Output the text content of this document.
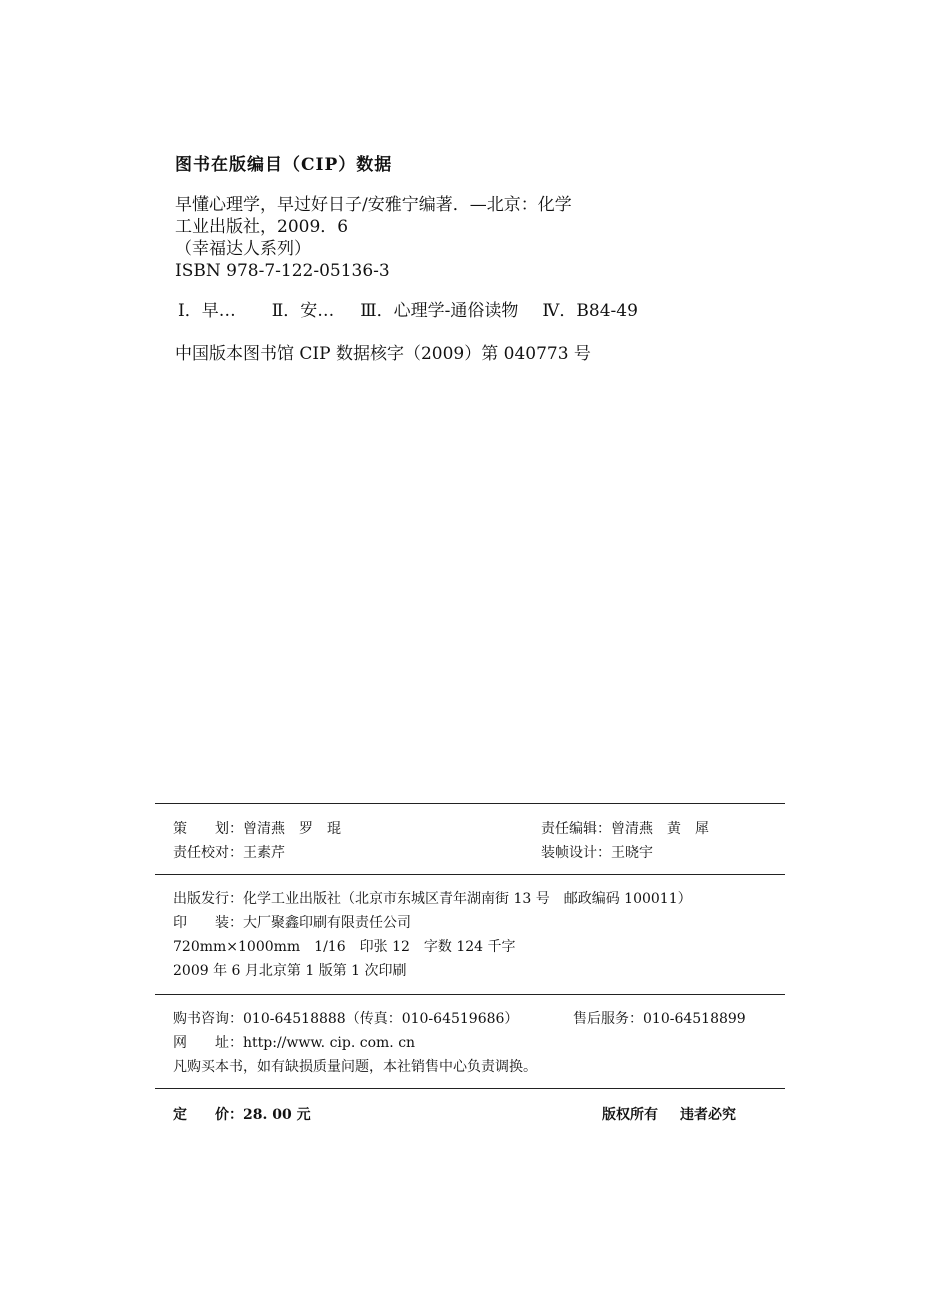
图书在版编目（CIP）数据
早懂心理学，早过好日子/安雅宁编著．—北京：化学
工业出版社，2009．6
（幸福达人系列）
ISBN 978-7-122-05136-3
Ⅰ．早… Ⅱ．安… Ⅲ．心理学-通俗读物 Ⅳ．B84-49
中国版本图书馆 CIP 数据核字（2009）第 040773 号
策　　划：曾清燕　罗　琨	责任编辑：曾清燕　黄　犀
责任校对：王素芹	装帧设计：王晓宇
出版发行：化学工业出版社（北京市东城区青年湖南街 13 号　邮政编码 100011）
印　　装：大厂聚鑫印刷有限责任公司
720mm×1000mm　1/16　印张 12　字数 124 千字
2009 年 6 月北京第 1 版第 1 次印刷
购书咨询：010-64518888（传真：010-64519686）	售后服务：010-64518899
网　　址：http://www. cip. com. cn
凡购买本书，如有缺损质量问题，本社销售中心负责调换。
定　　价：28. 00 元	版权所有 违者必究
